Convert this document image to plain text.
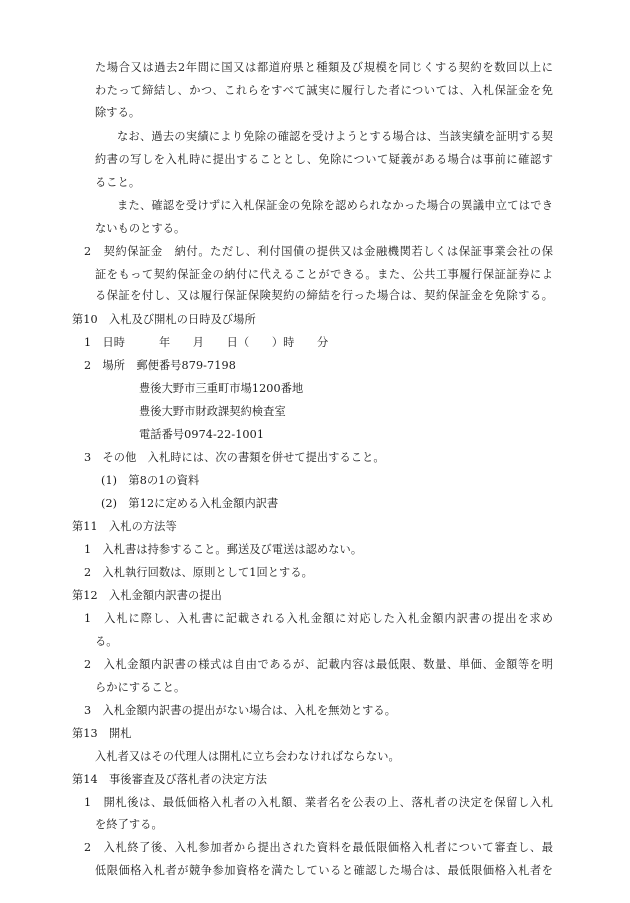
た場合又は過去2年間に国又は都道府県と種類及び規模を同じくする契約を数回以上に
わたって締結し、かつ、これらをすべて誠実に履行した者については、入札保証金を免
除する。
なお、過去の実績により免除の確認を受けようとする場合は、当該実績を証明する契
約書の写しを入札時に提出することとし、免除について疑義がある場合は事前に確認す
ること。
また、確認を受けずに入札保証金の免除を認められなかった場合の異議申立てはでき
ないものとする。
2　契約保証金　納付。ただし、利付国債の提供又は金融機関若しくは保証事業会社の保
証をもって契約保証金の納付に代えることができる。また、公共工事履行保証証券によ
る保証を付し、又は履行保証保険契約の締結を行った場合は、契約保証金を免除する。
第10　入札及び開札の日時及び場所
1　日時　　　年　　月　　日（　　）時　　分
2　場所　郵便番号879-7198
豊後大野市三重町市場1200番地
豊後大野市財政課契約検査室
電話番号0974-22-1001
3　その他　入札時には、次の書類を併せて提出すること。
(1)　第8の1の資料
(2)　第12に定める入札金額内訳書
第11　入札の方法等
1　入札書は持参すること。郵送及び電送は認めない。
2　入札執行回数は、原則として1回とする。
第12　入札金額内訳書の提出
1　入札に際し、入札書に記載される入札金額に対応した入札金額内訳書の提出を求め
る。
2　入札金額内訳書の様式は自由であるが、記載内容は最低限、数量、単価、金額等を明
らかにすること。
3　入札金額内訳書の提出がない場合は、入札を無効とする。
第13　開札
入札者又はその代理人は開札に立ち会わなければならない。
第14　事後審査及び落札者の決定方法
1　開札後は、最低価格入札者の入札額、業者名を公表の上、落札者の決定を保留し入札
を終了する。
2　入札終了後、入札参加者から提出された資料を最低限価格入札者について審査し、最
低限価格入札者が競争参加資格を満たしていると確認した場合は、最低限価格入札者を
